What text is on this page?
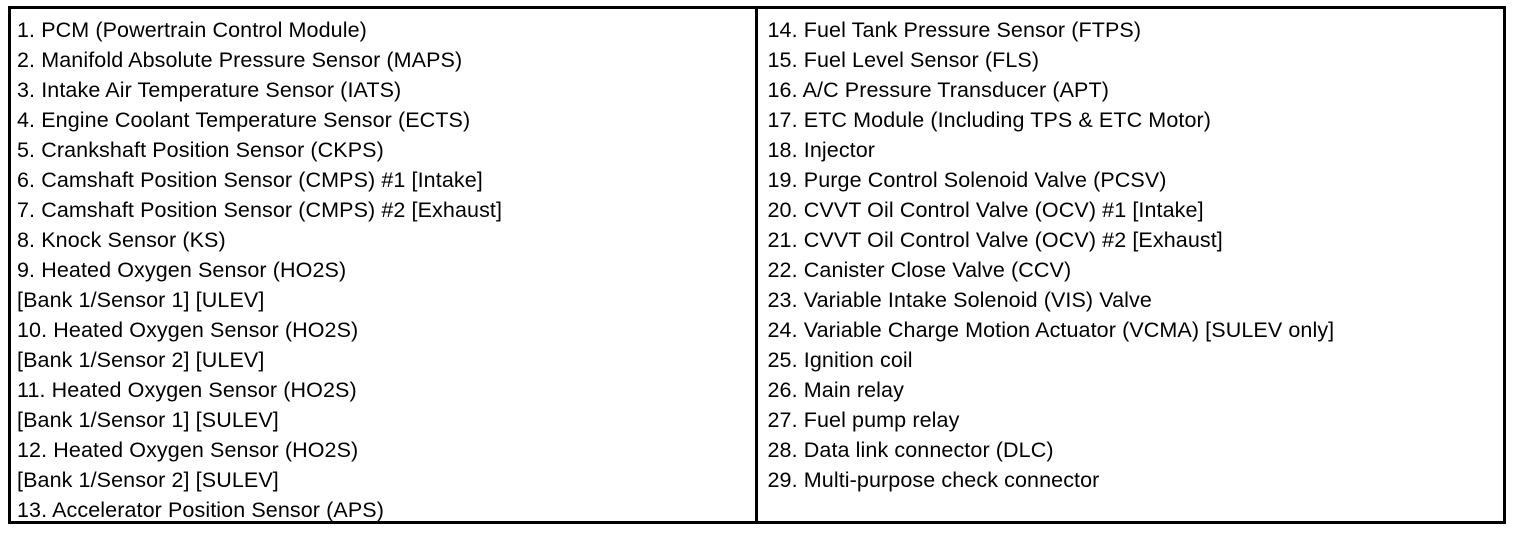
1. PCM (Powertrain Control Module)
2. Manifold Absolute Pressure Sensor (MAPS)
3. Intake Air Temperature Sensor (IATS)
4. Engine Coolant Temperature Sensor (ECTS)
5. Crankshaft Position Sensor (CKPS)
6. Camshaft Position Sensor (CMPS) #1 [Intake]
7. Camshaft Position Sensor (CMPS) #2 [Exhaust]
8. Knock Sensor (KS)
9. Heated Oxygen Sensor (HO2S)
[Bank 1/Sensor 1] [ULEV]
10. Heated Oxygen Sensor (HO2S)
[Bank 1/Sensor 2] [ULEV]
11. Heated Oxygen Sensor (HO2S)
[Bank 1/Sensor 1] [SULEV]
12. Heated Oxygen Sensor (HO2S)
[Bank 1/Sensor 2] [SULEV]
13. Accelerator Position Sensor (APS)
14. Fuel Tank Pressure Sensor (FTPS)
15. Fuel Level Sensor (FLS)
16. A/C Pressure Transducer (APT)
17. ETC Module (Including TPS & ETC Motor)
18. Injector
19. Purge Control Solenoid Valve (PCSV)
20. CVVT Oil Control Valve (OCV) #1 [Intake]
21. CVVT Oil Control Valve (OCV) #2 [Exhaust]
22. Canister Close Valve (CCV)
23. Variable Intake Solenoid (VIS) Valve
24. Variable Charge Motion Actuator (VCMA) [SULEV only]
25. Ignition coil
26. Main relay
27. Fuel pump relay
28. Data link connector (DLC)
29. Multi-purpose check connector
